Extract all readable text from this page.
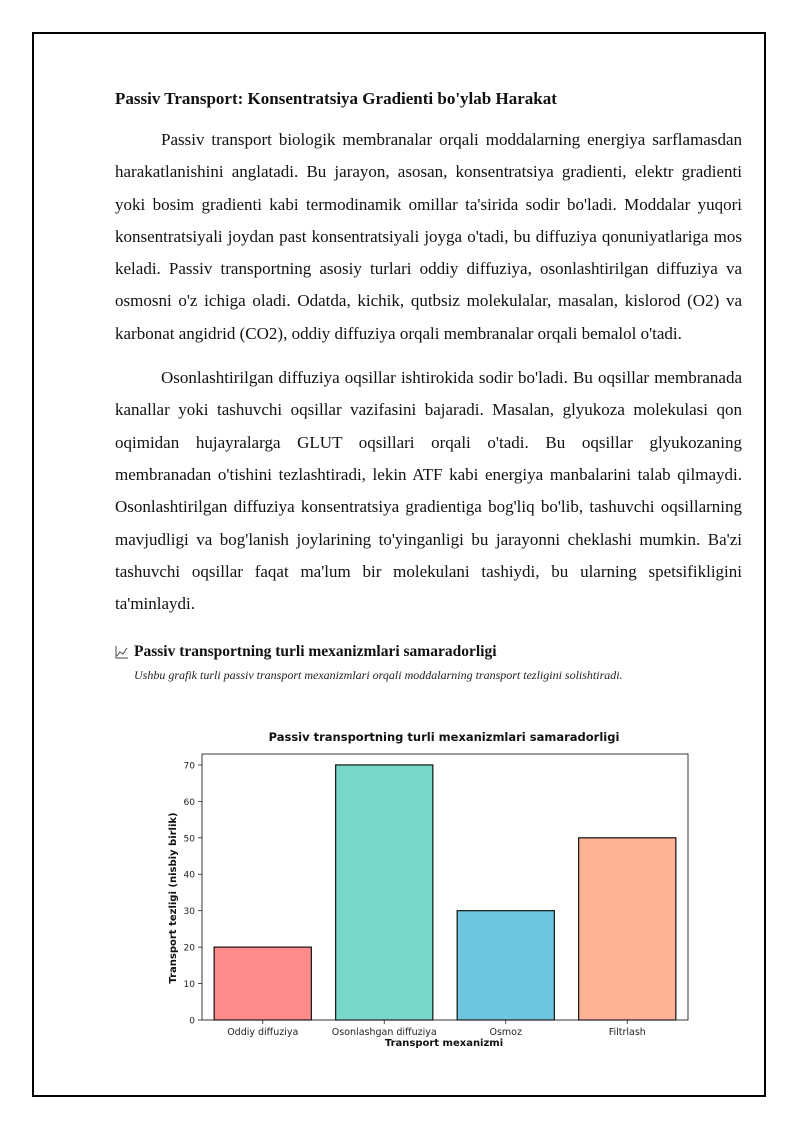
Passiv Transport: Konsentratsiya Gradienti bo'ylab Harakat

Passiv transport biologik membranalar orqali moddalarning energiya sarflamasdan harakatlanishini anglatadi. Bu jarayon, asosan, konsentratsiya gradienti, elektr gradienti yoki bosim gradienti kabi termodinamik omillar ta'sirida sodir bo'ladi. Moddalar yuqori konsentratsiyali joydan past konsentratsiyali joyga o'tadi, bu diffuziya qonuniyatlariga mos keladi. Passiv transportning asosiy turlari oddiy diffuziya, osonlashtirilgan diffuziya va osmosni o'z ichiga oladi. Odatda, kichik, qutbsiz molekulalar, masalan, kislorod (O2) va karbonat angidrid (CO2), oddiy diffuziya orqali membranalar orqali bemalol o'tadi.

Osonlashtirilgan diffuziya oqsillar ishtirokida sodir bo'ladi. Bu oqsillar membranada kanallar yoki tashuvchi oqsillar vazifasini bajaradi. Masalan, glyukoza molekulasi qon oqimidan hujayralarga GLUT oqsillari orqali o'tadi. Bu oqsillar glyukozaning membranadan o'tishini tezlashtiradi, lekin ATF kabi energiya manbalarini talab qilmaydi. Osonlashtirilgan diffuziya konsentratsiya gradientiga bog'liq bo'lib, tashuvchi oqsillarning mavjudligi va bog'lanish joylarining to'yinganligi bu jarayonni cheklashi mumkin. Ba'zi tashuvchi oqsillar faqat ma'lum bir molekulani tashiydi, bu ularning spetsifikligini ta'minlaydi.

Passiv transportning turli mexanizmlari samaradorligi
Ushbu grafik turli passiv transport mexanizmlari orqali moddalarning transport tezligini solishtiradi.
Passiv transportning turli mexanizmlari samaradorligi
Transport mexanizmi
Transport tezligi (nisbiy birlik)
0
10
20
30
40
50
60
70
Oddiy diffuziya	Osonlashgan diffuziya	Osmoz	Filtrlash
